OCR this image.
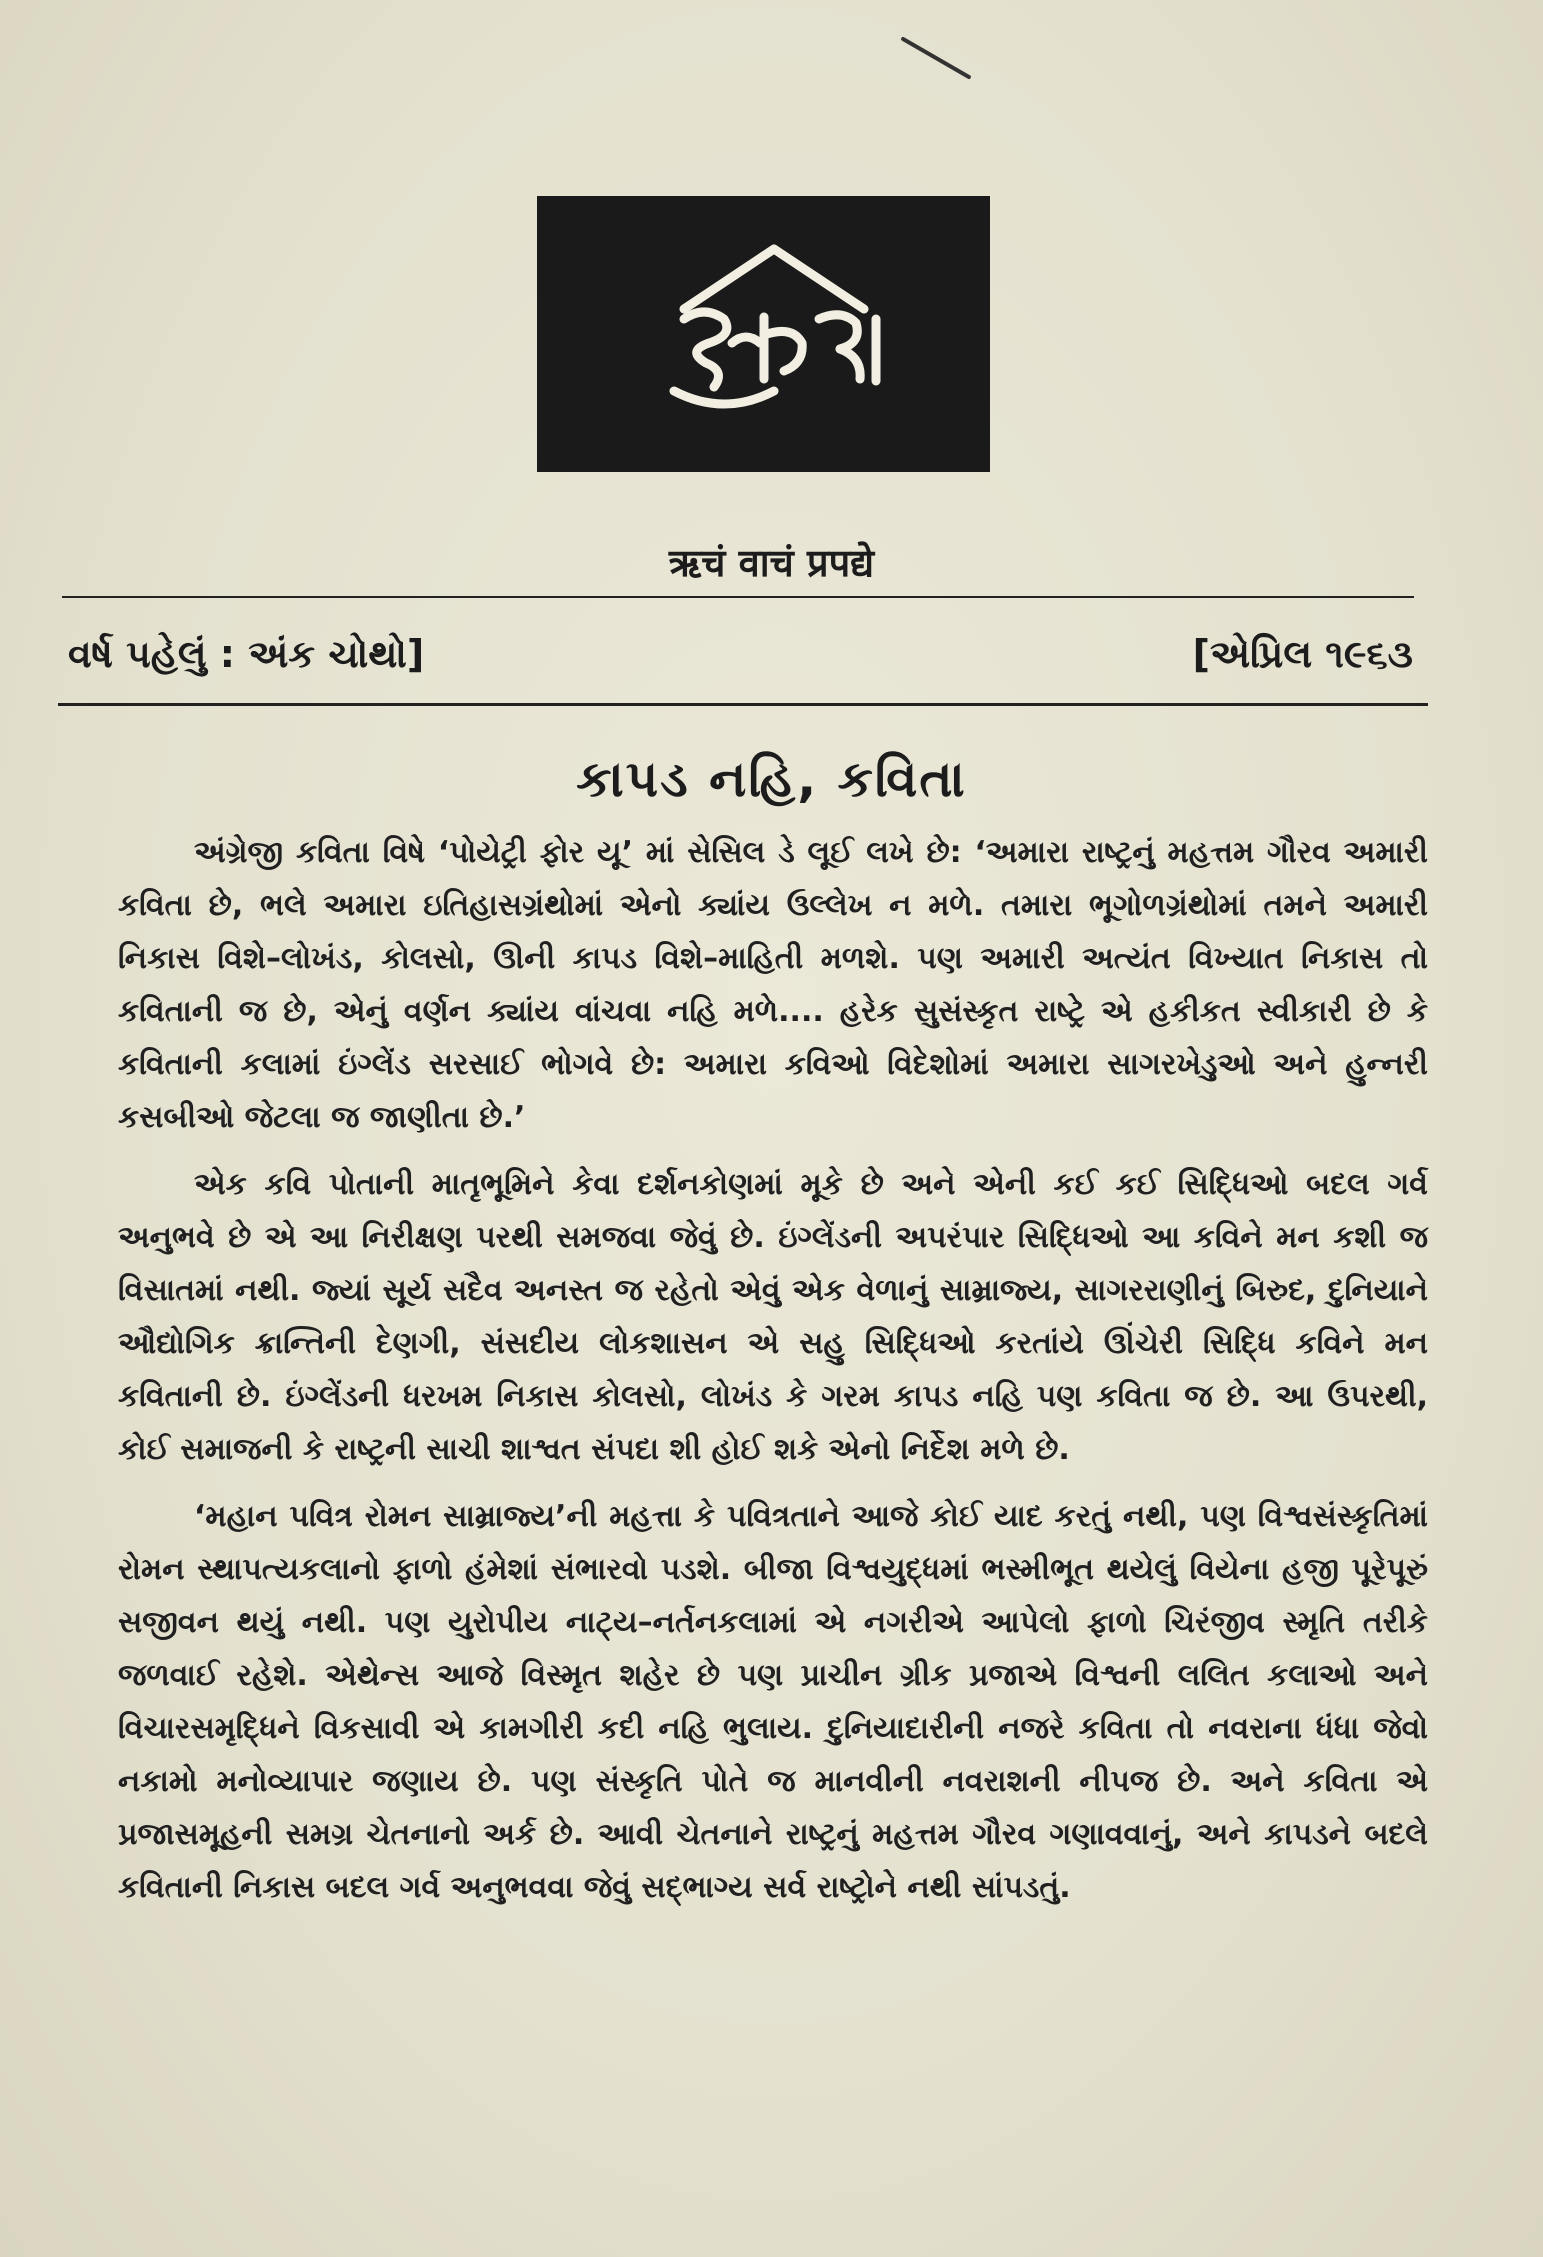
ऋचं वाचं प्रपद्ये
વર્ષ પહેલું : અંક ચોથો]	[એપ્રિલ ૧૯૬૩
કાપડ નહિ, કવિતા

અંગ્રેજી કવિતા વિષે ‘પોયેટ્રી ફોર યૂ’ માં સેસિલ ડે લૂઈ લખે છે: ‘અમારા રાષ્ટ્રનું મહત્તમ ગૌરવ અમારી કવિતા છે, ભલે અમારા ઇતિહાસગ્રંથોમાં એનો ક્યાંય ઉલ્લેખ ન મળે. તમારા ભૂગોળગ્રંથોમાં તમને અમારી નિકાસ વિશે–લોખંડ, કોલસો, ઊની કાપડ વિશે–માહિતી મળશે. પણ અમારી અત્યંત વિખ્યાત નિકાસ તો કવિતાની જ છે, એનું વર્ણન ક્યાંય વાંચવા નહિ મળે.... હરેક સુસંસ્કૃત રાષ્ટ્રે એ હકીકત સ્વીકારી છે કે કવિતાની કલામાં ઇંગ્લેંડ સરસાઈ ભોગવે છે: અમારા કવિઓ વિદેશોમાં અમારા સાગરખેડુઓ અને હુન્નરી કસબીઓ જેટલા જ જાણીતા છે.’

એક કવિ પોતાની માતૃભૂમિને કેવા દર્શનકોણમાં મૂકે છે અને એની કઈ કઈ સિદ્ધિઓ બદલ ગર્વ અનુભવે છે એ આ નિરીક્ષણ પરથી સમજવા જેવું છે. ઇંગ્લેંડની અપરંપાર સિદ્ધિઓ આ કવિને મન કશી જ વિસાતમાં નથી. જ્યાં સૂર્ય સદૈવ અનસ્ત જ રહેતો એવું એક વેળાનું સામ્રાજ્ય, સાગરરાણીનું બિરુદ, દુનિયાને ઔદ્યોગિક ક્રાન્તિની દેણગી, સંસદીય લોકશાસન એ સહુ સિદ્ધિઓ કરતાંયે ઊંચેરી સિદ્ધિ કવિને મન કવિતાની છે. ઇંગ્લેંડની ધરખમ નિકાસ કોલસો, લોખંડ કે ગરમ કાપડ નહિ પણ કવિતા જ છે. આ ઉપરથી, કોઈ સમાજની કે રાષ્ટ્રની સાચી શાશ્વત સંપદા શી હોઈ શકે એનો નિર્દેશ મળે છે.

‘મહાન પવિત્ર રોમન સામ્રાજ્ય’ની મહત્તા કે પવિત્રતાને આજે કોઈ યાદ કરતું નથી, પણ વિશ્વસંસ્કૃતિમાં રોમન સ્થાપત્યકલાનો ફાળો હંમેશાં સંભારવો પડશે. બીજા વિશ્વયુદ્ધમાં ભસ્મીભૂત થયેલું વિયેના હજી પૂરેપૂરું સજીવન થયું નથી. પણ યુરોપીય નાટ્ય–નર્તનકલામાં એ નગરીએ આપેલો ફાળો ચિરંજીવ સ્મૃતિ તરીકે જળવાઈ રહેશે. એથેન્સ આજે વિસ્મૃત શહેર છે પણ પ્રાચીન ગ્રીક પ્રજાએ વિશ્વની લલિત કલાઓ અને વિચારસમૃદ્ધિને વિકસાવી એ કામગીરી કદી નહિ ભુલાય. દુનિયાદારીની નજરે કવિતા તો નવરાના ધંધા જેવો નકામો મનોવ્યાપાર જણાય છે. પણ સંસ્કૃતિ પોતે જ માનવીની નવરાશની નીપજ છે. અને કવિતા એ પ્રજાસમૂહની સમગ્ર ચેતનાનો અર્ક છે. આવી ચેતનાને રાષ્ટ્રનું મહત્તમ ગૌરવ ગણાવવાનું, અને કાપડને બદલે કવિતાની નિકાસ બદલ ગર્વ અનુભવવા જેવું સદ્ભાગ્ય સર્વ રાષ્ટ્રોને નથી સાંપડતું.
